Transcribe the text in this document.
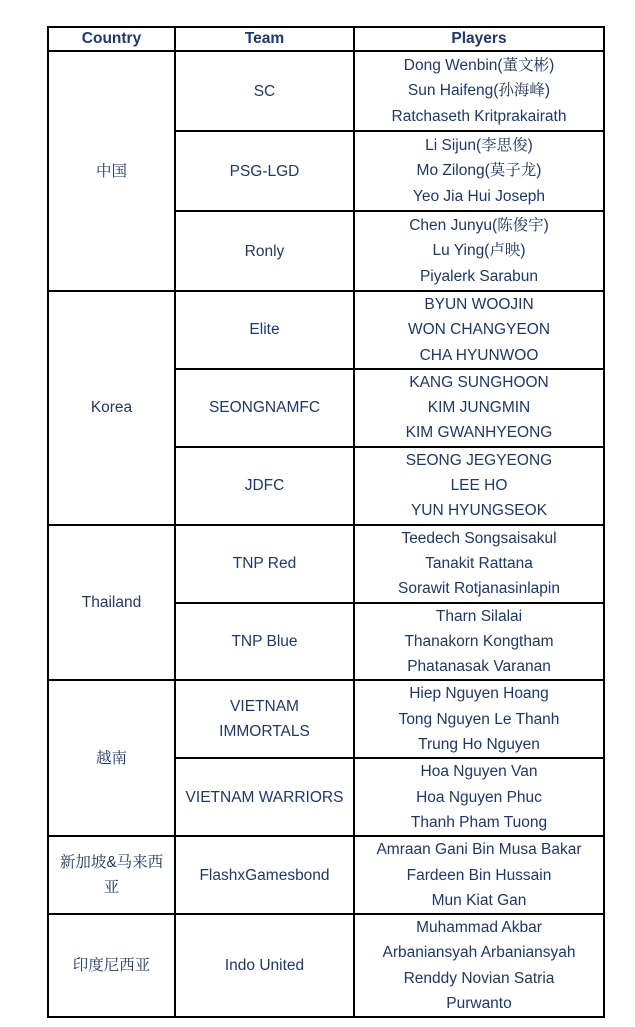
Country	Team	Players
中国	SC	Dong Wenbin(董文彬)
Sun Haifeng(孙海峰)
Ratchaseth Kritprakairath

	PSG-LGD	Li Sijun(李思俊)
Mo Zilong(莫子龙)
Yeo Jia Hui Joseph

	Ronly	Chen Junyu(陈俊宇)
Lu Ying(卢映)
Piyalerk Sarabun

Korea	Elite	BYUN WOOJIN
WON CHANGYEON
CHA HYUNWOO

	SEONGNAMFC	KANG SUNGHOON
KIM JUNGMIN
KIM GWANHYEONG

	JDFC	SEONG JEGYEONG
LEE HO
YUN HYUNGSEOK

Thailand	TNP Red	Teedech Songsaisakul
Tanakit Rattana
Sorawit Rotjanasinlapin

	TNP Blue	Tharn Silalai
Thanakorn Kongtham
Phatanasak Varanan

越南	VIETNAM IMMORTALS	Hiep Nguyen Hoang
Tong Nguyen Le Thanh
Trung Ho Nguyen

	VIETNAM WARRIORS	Hoa Nguyen Van
Hoa Nguyen Phuc
Thanh Pham Tuong

新加坡&马来西亚	FlashxGamesbond	Amraan Gani Bin Musa Bakar
Fardeen Bin Hussain
Mun Kiat Gan

印度尼西亚	Indo United	Muhammad Akbar
Arbaniansyah Arbaniansyah
Renddy Novian Satria
Purwanto
